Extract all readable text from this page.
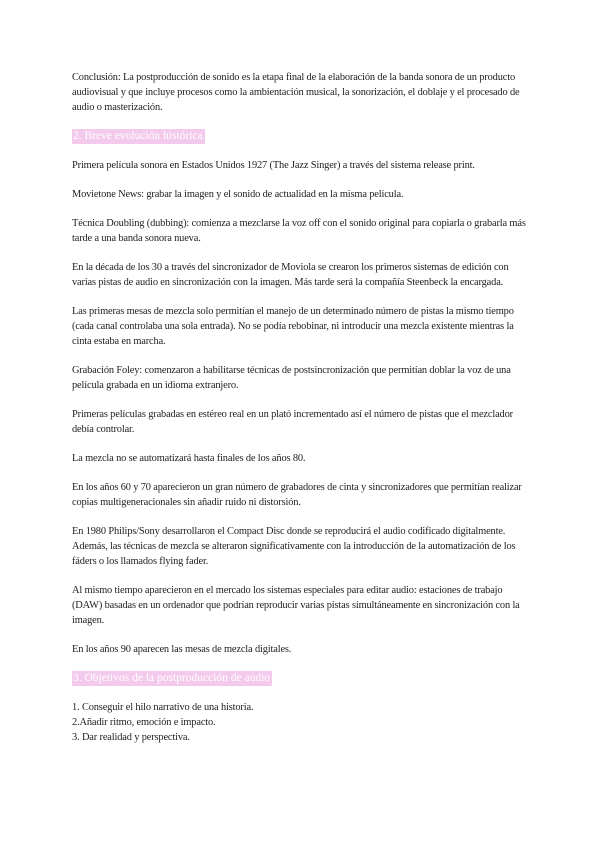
Conclusión: La postproducción de sonido es la etapa final de la elaboración de la banda sonora de un producto audiovisual y que incluye procesos como la ambientación musical, la sonorización, el doblaje y el procesado de audio o masterización.

2. Breve evolución histórica

Primera película sonora en Estados Unidos 1927 (The Jazz Singer) a través del sistema release print.

Movietone News: grabar la imagen y el sonido de actualidad en la misma película.

Técnica Doubling (dubbing): comienza a mezclarse la voz off con el sonido original para copiarla o grabarla más tarde a una banda sonora nueva.

En la década de los 30 a través del sincronizador de Moviola se crearon los primeros sistemas de edición con varias pistas de audio en sincronización con la imagen. Más tarde será la compañía Steenbeck la encargada.

Las primeras mesas de mezcla solo permitían el manejo de un determinado número de pistas la mismo tiempo (cada canal controlaba una sola entrada). No se podía rebobinar, ni introducir una mezcla existente mientras la cinta estaba en marcha.

Grabación Foley: comenzaron a habilitarse técnicas de postsincronización que permitían doblar la voz de una película grabada en un idioma extranjero.

Primeras películas grabadas en estéreo real en un plató incrementado así el número de pistas que el mezclador debía controlar.

La mezcla no se automatizará hasta finales de los años 80.

En los años 60 y 70 aparecieron un gran número de grabadores de cinta y sincronizadores que permitían realizar copias multigeneracionales sin añadir ruido ni distorsión.

En 1980 Philips/Sony desarrollaron el Compact Disc donde se reproducirá el audio codificado digitalmente. Además, las técnicas de mezcla se alteraron significativamente con la introducción de la automatización de los fáders o los llamados flying fader.

Al mismo tiempo aparecieron en el mercado los sistemas especiales para editar audio: estaciones de trabajo (DAW) basadas en un ordenador que podrían reproducir varias pistas simultáneamente en sincronización con la imagen.

En los años 90 aparecen las mesas de mezcla digitales.

3. Objetivos de la postproducción de audio

1. Conseguir el hilo narrativo de una historia.

2.Añadir ritmo, emoción e impacto.

3. Dar realidad y perspectiva.
